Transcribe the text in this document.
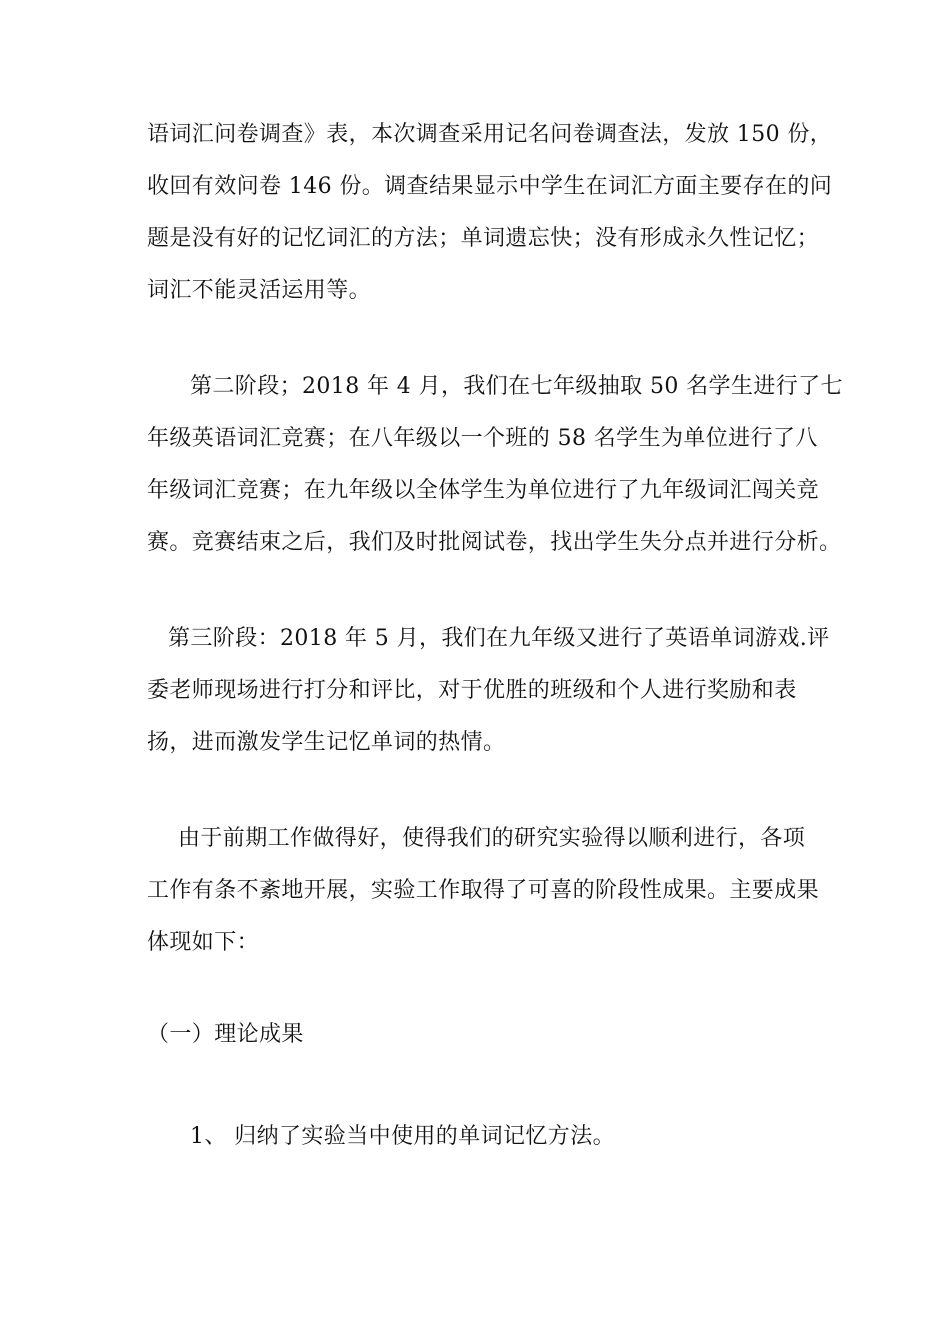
语词汇问卷调查》表，本次调查采用记名问卷调查法，发放 150 份，
收回有效问卷 146 份。调查结果显示中学生在词汇方面主要存在的问
题是没有好的记忆词汇的方法；单词遗忘快；没有形成永久性记忆；
词汇不能灵活运用等。
第二阶段；2018 年 4 月，我们在七年级抽取 50 名学生进行了七
年级英语词汇竞赛；在八年级以一个班的 58 名学生为单位进行了八
年级词汇竞赛；在九年级以全体学生为单位进行了九年级词汇闯关竞
赛。竞赛结束之后，我们及时批阅试卷，找出学生失分点并进行分析。
第三阶段：2018 年 5 月，我们在九年级又进行了英语单词游戏.评
委老师现场进行打分和评比，对于优胜的班级和个人进行奖励和表
扬，进而激发学生记忆单词的热情。
由于前期工作做得好，使得我们的研究实验得以顺利进行，各项
工作有条不紊地开展，实验工作取得了可喜的阶段性成果。主要成果
体现如下：
（一）理论成果
1、 归纳了实验当中使用的单词记忆方法。
